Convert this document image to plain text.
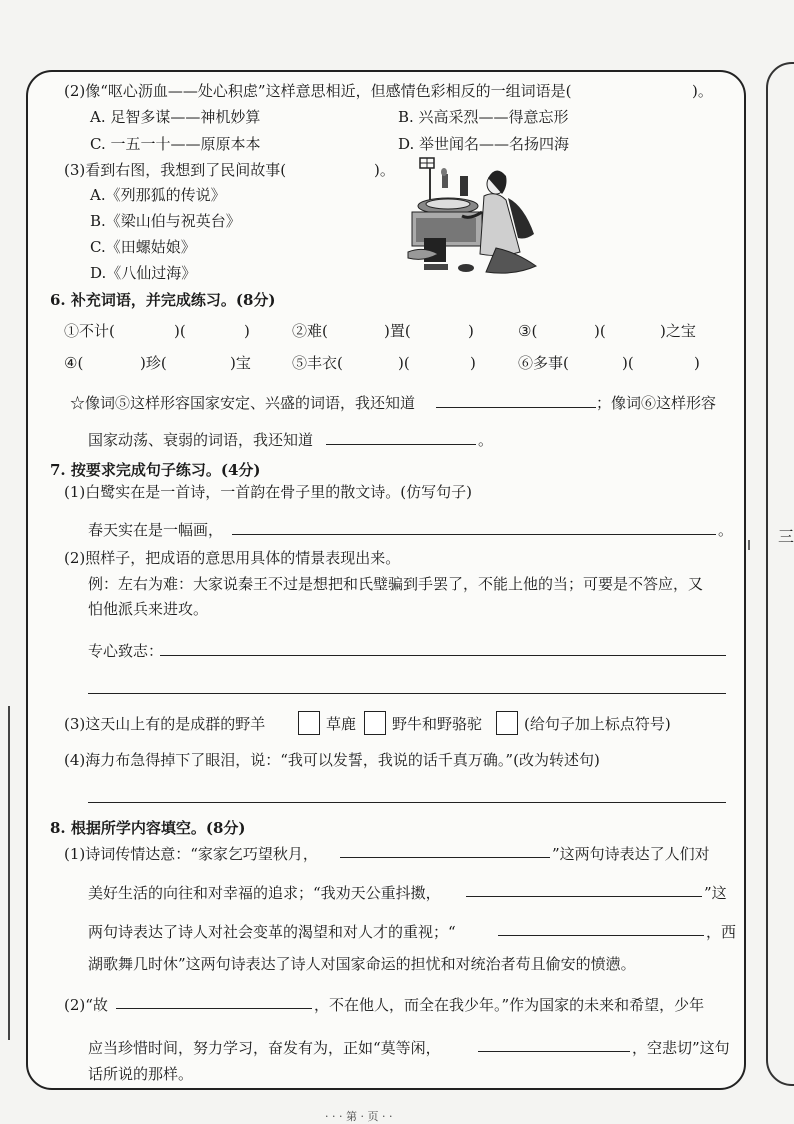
三
(2)像“呕心沥血——处心积虑”这样意思相近，但感情色彩相反的一组词语是(	)。
A. 足智多谋——神机妙算	B. 兴高采烈——得意忘形
C. 一五一十——原原本本	D. 举世闻名——名扬四海
(3)看到右图，我想到了民间故事(	)。
A.《列那狐的传说》
B.《梁山伯与祝英台》
C.《田螺姑娘》
D.《八仙过海》
6. 补充词语，并完成练习。(8分)
①不计(	)(	)	②难(	)置(	)	③(	)(	)之宝
④(	)珍(	)宝	⑤丰衣(	)(	)	⑥多事(	)(	)
☆像词⑤这样形容国家安定、兴盛的词语，我还知道	；像词⑥这样形容
国家动荡、衰弱的词语，我还知道	。
7. 按要求完成句子练习。(4分)
(1)白鹭实在是一首诗，一首韵在骨子里的散文诗。(仿写句子)
春天实在是一幅画，	。
(2)照样子，把成语的意思用具体的情景表现出来。
例：左右为难：大家说秦王不过是想把和氏璧骗到手罢了，不能上他的当；可要是不答应，又
怕他派兵来进攻。
专心致志：
(3)这天山上有的是成群的野羊	草鹿 野牛和野骆驼	(给句子加上标点符号)
(4)海力布急得掉下了眼泪，说：“我可以发誓，我说的话千真万确。”(改为转述句)
8. 根据所学内容填空。(8分)
(1)诗词传情达意：“家家乞巧望秋月，	”这两句诗表达了人们对
美好生活的向往和对幸福的追求；“我劝天公重抖擞，	”这
两句诗表达了诗人对社会变革的渴望和对人才的重视；“	，西
湖歌舞几时休”这两句诗表达了诗人对国家命运的担忧和对统治者苟且偷安的愤懑。
(2)“故	，不在他人，而全在我少年。”作为国家的未来和希望，少年
应当珍惜时间，努力学习，奋发有为，正如“莫等闲，	，空悲切”这句
话所说的那样。
· · · 第 · 页 · ·
